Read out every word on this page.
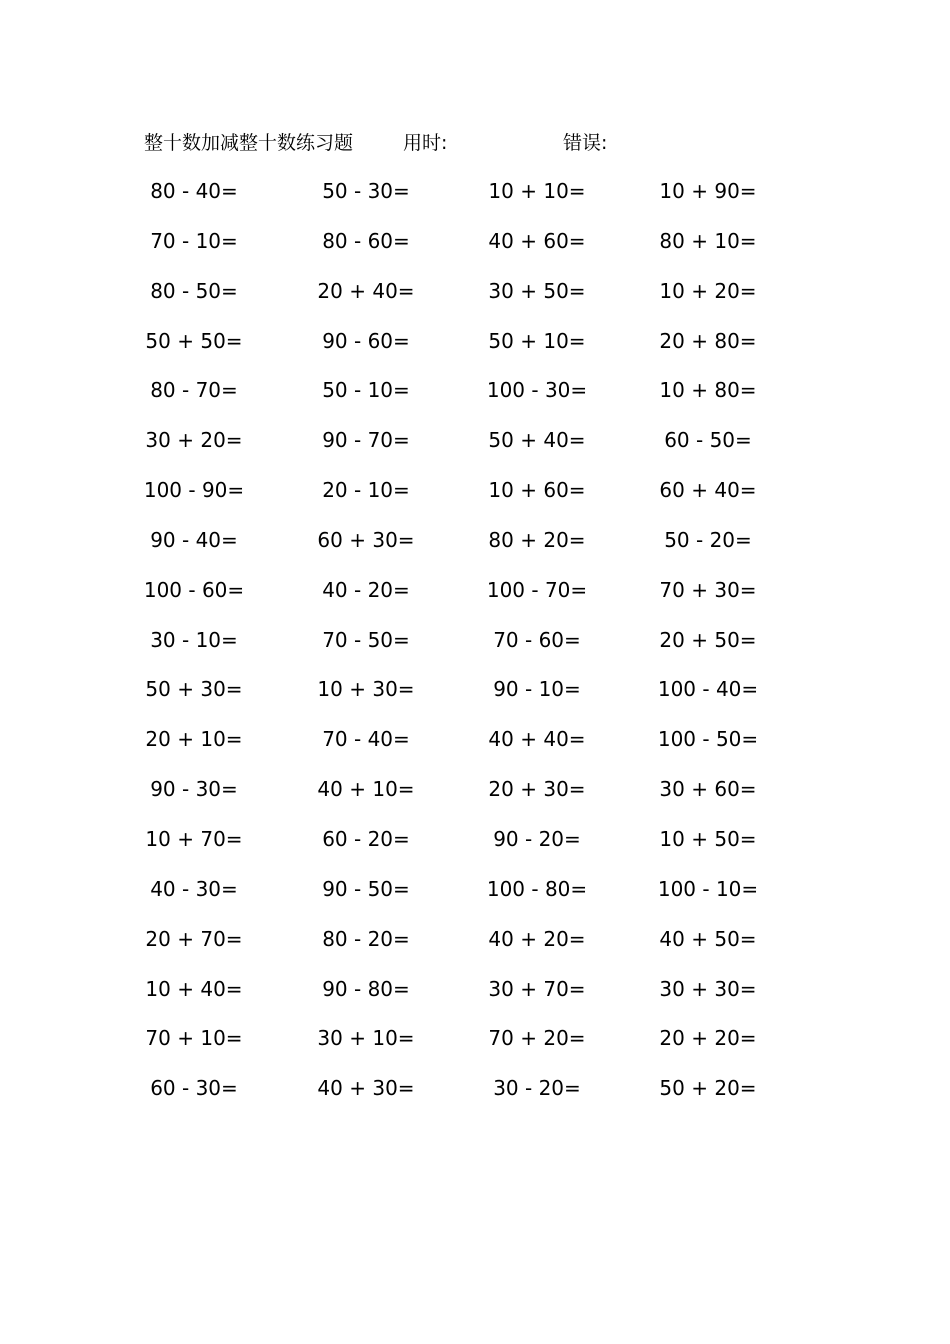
整十数加减整十数练习题	用时:	错误:
80 - 40=	50 - 30=	10 + 10=	10 + 90=
70 - 10=	80 - 60=	40 + 60=	80 + 10=
80 - 50=	20 + 40=	30 + 50=	10 + 20=
50 + 50=	90 - 60=	50 + 10=	20 + 80=
80 - 70=	50 - 10=	100 - 30=	10 + 80=
30 + 20=	90 - 70=	50 + 40=	60 - 50=
100 - 90=	20 - 10=	10 + 60=	60 + 40=
90 - 40=	60 + 30=	80 + 20=	50 - 20=
100 - 60=	40 - 20=	100 - 70=	70 + 30=
30 - 10=	70 - 50=	70 - 60=	20 + 50=
50 + 30=	10 + 30=	90 - 10=	100 - 40=
20 + 10=	70 - 40=	40 + 40=	100 - 50=
90 - 30=	40 + 10=	20 + 30=	30 + 60=
10 + 70=	60 - 20=	90 - 20=	10 + 50=
40 - 30=	90 - 50=	100 - 80=	100 - 10=
20 + 70=	80 - 20=	40 + 20=	40 + 50=
10 + 40=	90 - 80=	30 + 70=	30 + 30=
70 + 10=	30 + 10=	70 + 20=	20 + 20=
60 - 30=	40 + 30=	30 - 20=	50 + 20=
